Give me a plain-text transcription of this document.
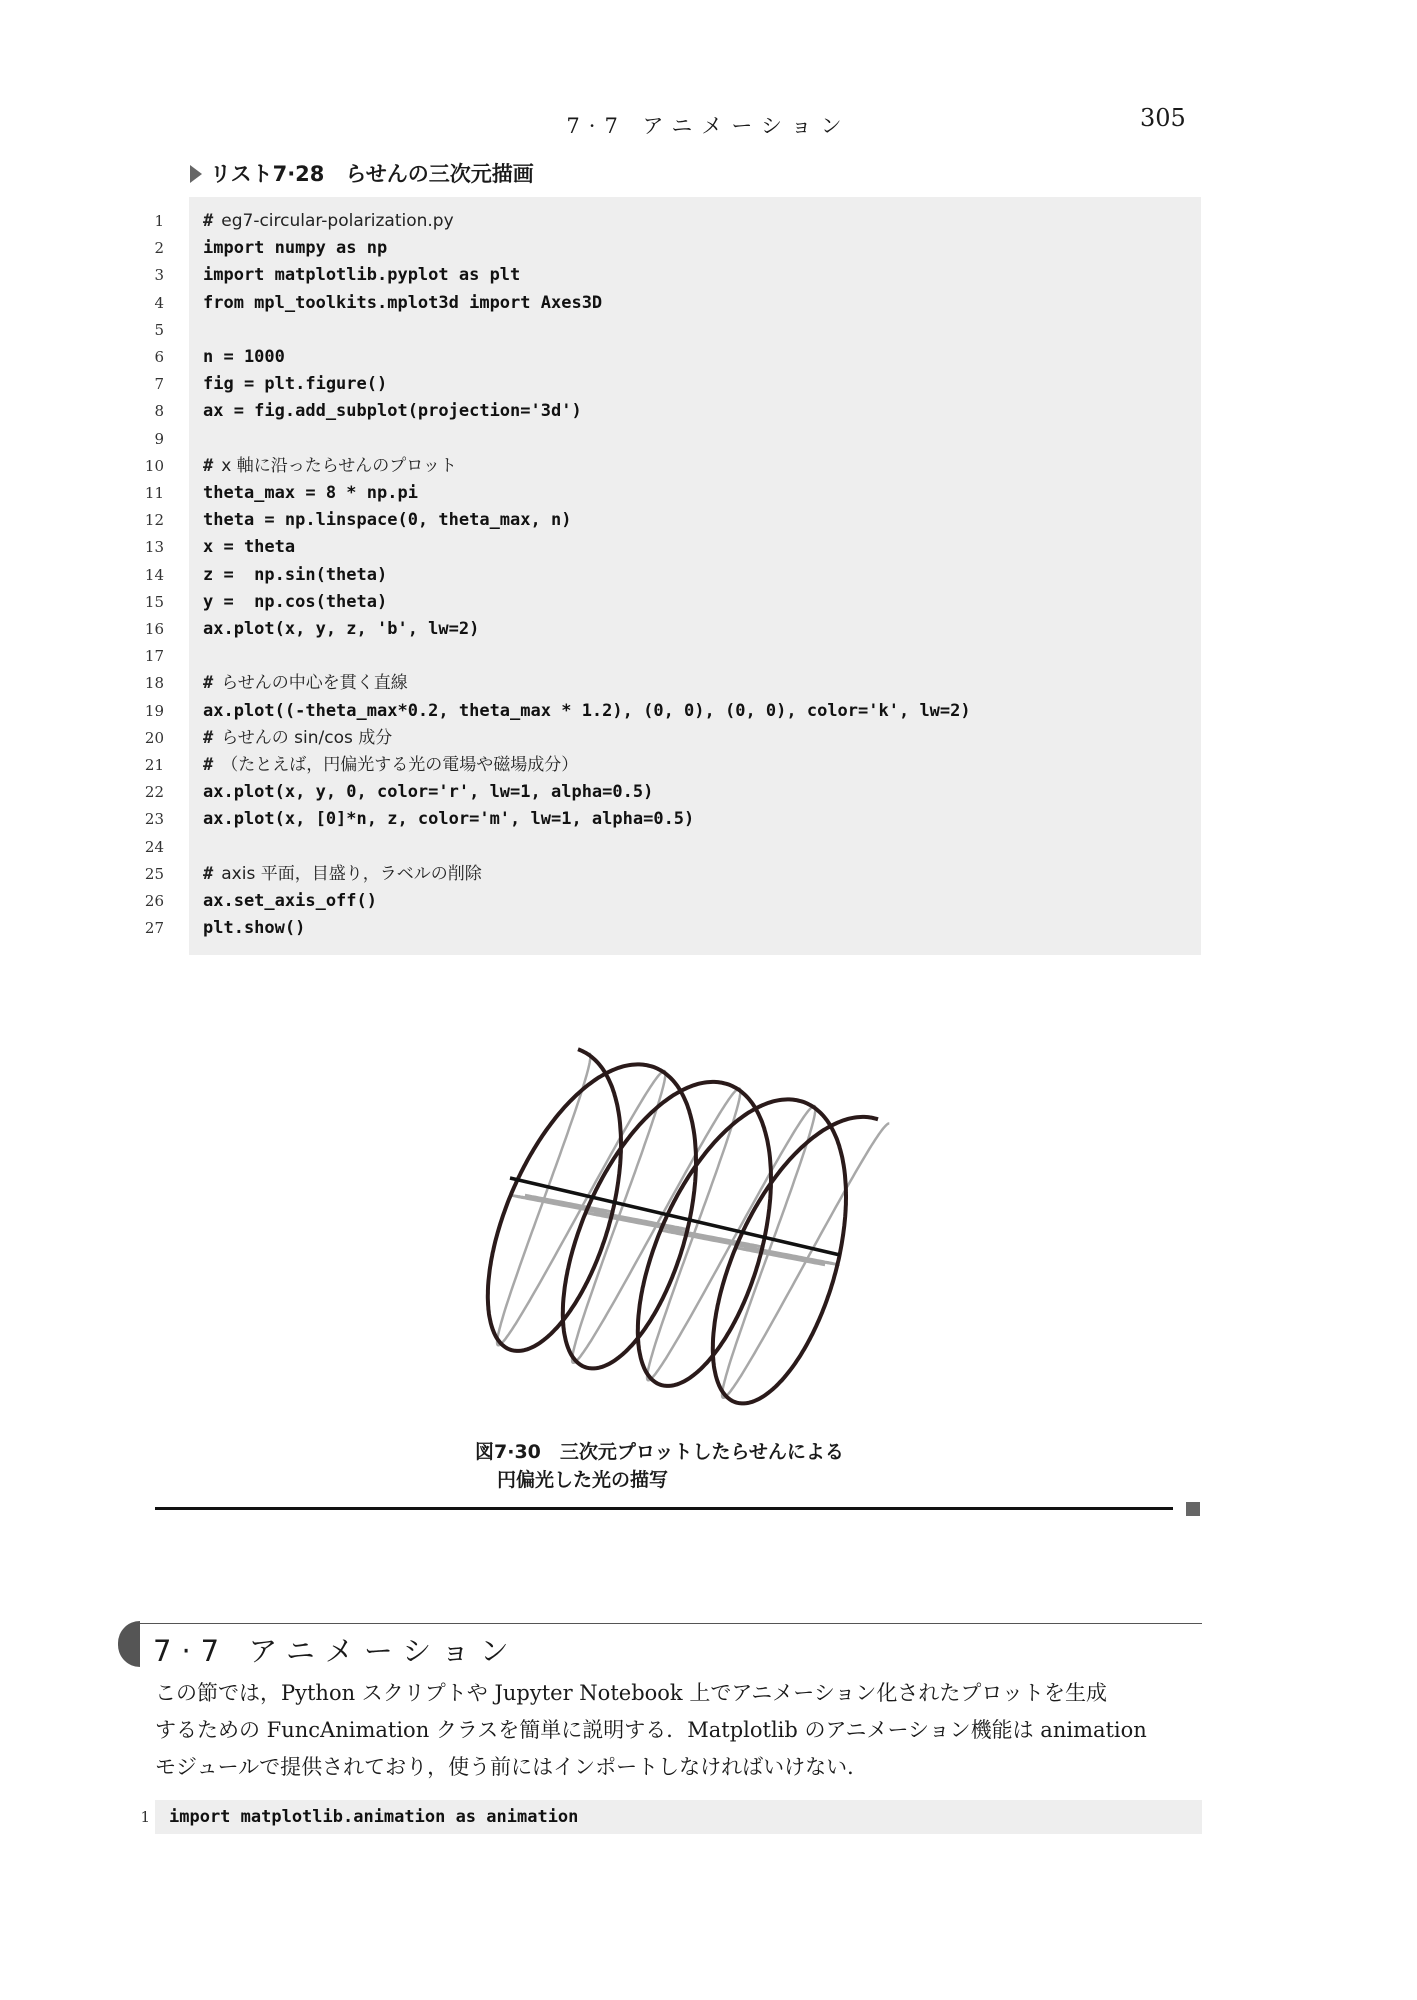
7·7 アニメーション	305
リスト7·28　らせんの三次元描画
1 # eg7-circular-polarization.py
2 import numpy as np
3 import matplotlib.pyplot as plt
4 from mpl_toolkits.mplot3d import Axes3D
5
6 n = 1000
7 fig = plt.figure()
8 ax = fig.add_subplot(projection='3d')
9
10 # x 軸に沿ったらせんのプロット
11 theta_max = 8 * np.pi
12 theta = np.linspace(0, theta_max, n)
13 x = theta
14 z =  np.sin(theta)
15 y =  np.cos(theta)
16 ax.plot(x, y, z, 'b', lw=2)
17
18 # らせんの中心を貫く直線
19 ax.plot((-theta_max*0.2, theta_max * 1.2), (0, 0), (0, 0), color='k', lw=2)
20 # らせんの sin/cos 成分
21 # （たとえば，円偏光する光の電場や磁場成分）
22 ax.plot(x, y, 0, color='r', lw=1, alpha=0.5)
23 ax.plot(x, [0]*n, z, color='m', lw=1, alpha=0.5)
24
25 # axis 平面，目盛り，ラベルの削除
26 ax.set_axis_off()
27 plt.show()
図7·30　三次元プロットしたらせんによる
円偏光した光の描写
7·7 アニメーション
この節では，Python スクリプトや Jupyter Notebook 上でアニメーション化されたプロットを生成
するための FuncAnimation クラスを簡単に説明する．Matplotlib のアニメーション機能は animation
モジュールで提供されており，使う前にはインポートしなければいけない．
1 import matplotlib.animation as animation
